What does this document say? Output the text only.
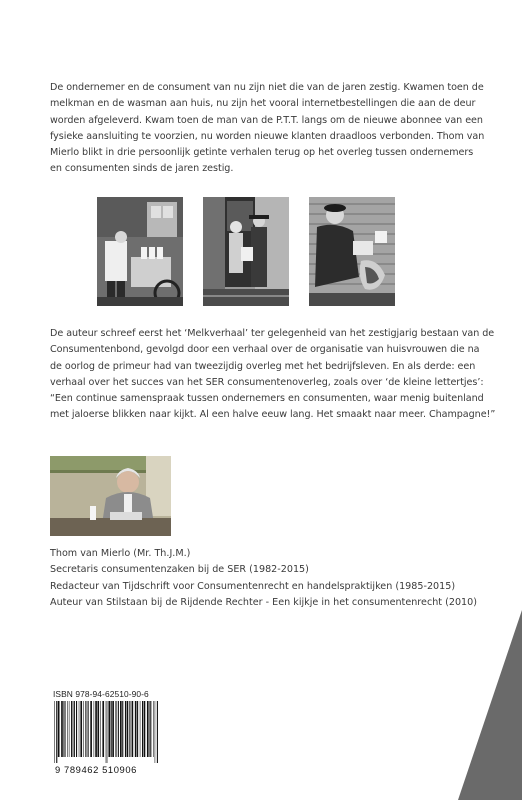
De ondernemer en de consument van nu zijn niet die van de jaren zestig. Kwamen toen de
melkman en de wasman aan huis, nu zijn het vooral internetbestellingen die aan de deur
worden afgeleverd. Kwam toen de man van de P.T.T. langs om de nieuwe abonnee van een
fysieke aansluiting te voorzien, nu worden nieuwe klanten draadloos verbonden. Thom van
Mierlo blikt in drie persoonlijk getinte verhalen terug op het overleg tussen ondernemers
en consumenten sinds de jaren zestig.

De auteur schreef eerst het ‘Melkverhaal’ ter gelegenheid van het zestigjarig bestaan van de
Consumentenbond, gevolgd door een verhaal over de organisatie van huisvrouwen die na
de oorlog de primeur had van tweezijdig overleg met het bedrijfsleven. En als derde: een
verhaal over het succes van het SER consumentenoverleg, zoals over ‘de kleine lettertjes’:
“Een continue samenspraak tussen ondernemers en consumenten, waar menig buitenland
met jaloerse blikken naar kijkt. Al een halve eeuw lang. Het smaakt naar meer. Champagne!”

Thom van Mierlo (Mr. Th.J.M.)
Secretaris consumentenzaken bij de SER (1982-2015)
Redacteur van Tijdschrift voor Consumentenrecht en handelspraktijken (1985-2015)
Auteur van Stilstaan bij de Rijdende Rechter - Een kijkje in het consumentenrecht (2010)
ISBN 978-94-62510-90-6
9 789462 510906
